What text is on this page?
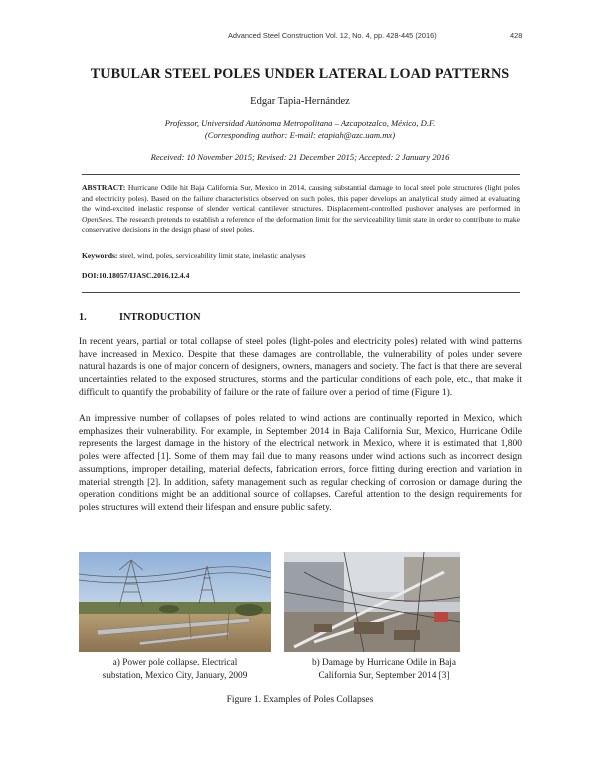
Advanced Steel Construction Vol. 12, No. 4, pp. 428-445 (2016)	428
TUBULAR STEEL POLES UNDER LATERAL LOAD PATTERNS
Edgar Tapia-Hernández
Professor, Universidad Autónoma Metropolitana – Azcapotzalco, México, D.F.
(Corresponding author: E-mail: etapiah@azc.uam.mx)
Received: 10 November 2015; Revised: 21 December 2015; Accepted: 2 January 2016
ABSTRACT: Hurricane Odile hit Baja California Sur, Mexico in 2014, causing substantial damage to local steel pole structures (light poles and electricity poles). Based on the failure characteristics observed on such poles, this paper develops an analytical study aimed at evaluating the wind-excited inelastic response of slender vertical cantilever structures. Displacement-controlled pushover analyses are performed in OpenSees. The research pretends to establish a reference of the deformation limit for the serviceability limit state in order to contribute to make conservative decisions in the design phase of steel poles.
Keywords: steel, wind, poles, serviceability limit state, inelastic analyses
DOI:10.18057/IJASC.2016.12.4.4
1.	INTRODUCTION

In recent years, partial or total collapse of steel poles (light-poles and electricity poles) related with wind patterns have increased in Mexico. Despite that these damages are controllable, the vulnerability of poles under severe natural hazards is one of major concern of designers, owners, managers and society. The fact is that there are several uncertainties related to the exposed structures, storms and the particular conditions of each pole, etc., that make it difficult to quantify the probability of failure or the rate of failure over a period of time (Figure 1).

An impressive number of collapses of poles related to wind actions are continually reported in Mexico, which emphasizes their vulnerability. For example, in September 2014 in Baja California Sur, Mexico, Hurricane Odile represents the largest damage in the history of the electrical network in Mexico, where it is estimated that 1,800 poles were affected [1]. Some of them may fail due to many reasons under wind actions such as incorrect design assumptions, improper detailing, material defects, fabrication errors, force fitting during erection and variation in material strength [2]. In addition, safety management such as regular checking of corrosion or damage during the operation conditions might be an additional source of collapses. Careful attention to the design requirements for poles structures will extend their lifespan and ensure public safety.

a) Power pole collapse. Electrical
substation, Mexico City, January, 2009
b) Damage by Hurricane Odile in Baja
California Sur, September 2014 [3]
Figure 1. Examples of Poles Collapses
